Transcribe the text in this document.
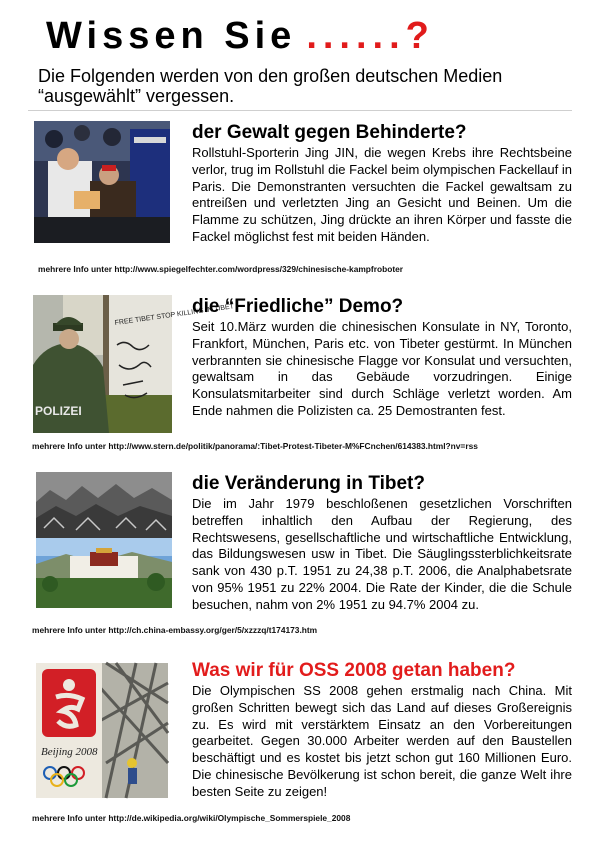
Wissen Sie ......?
Die Folgenden werden von den großen deutschen Medien
“ausgewählt” vergessen.
der Gewalt gegen Behinderte?
Rollstuhl-Sporterin Jing JIN, die wegen Krebs ihre Rechtsbeine verlor, trug im Rollstuhl die Fackel beim olympischen Fackellauf in Paris. Die Demonstranten versuchten die Fackel gewaltsam zu entreißen und verletzten Jing an Gesicht und Beinen. Um die Flamme zu schützen, Jing drückte an ihren Körper und fasste die Fackel möglichst fest mit beiden Händen.
mehrere Info unter http://www.spiegelfechter.com/wordpress/329/chinesische-kampfroboter
POLIZEI
FREE TIBET STOP KILLING IN TIBET
die “Friedliche” Demo?
Seit 10.März wurden die chinesischen Konsulate in NY, Toronto, Frankfort, München, Paris etc. von Tibeter gestürmt. In München verbrannten sie chinesische Flagge vor Konsulat und versuchten, gewaltsam in das Gebäude vorzudringen. Einige Konsulatsmitarbeiter sind durch Schläge verletzt worden. Am Ende nahmen die Polizisten ca. 25 Demostranten fest.
mehrere Info unter http://www.stern.de/politik/panorama/:Tibet-Protest-Tibeter-M%FCnchen/614383.html?nv=rss
die Veränderung in Tibet?
Die im Jahr 1979 beschloßenen gesetzlichen Vorschriften betreffen inhaltlich den Aufbau der Regierung, des Rechtswesens, gesellschaftliche und wirtschaftliche Entwicklung, das Bildungswesen usw in Tibet. Die Säuglingssterblichkeitsrate sank von 430 p.T. 1951 zu 24,38 p.T. 2006, die Analphabetsrate von 95% 1951 zu 22% 2004. Die Rate der Kinder, die die Schule besuchen, nahm von 2% 1951 zu 94.7% 2004 zu.
mehrere Info unter http://ch.china-embassy.org/ger/5/xzzzq/t174173.htm
Beijing 2008
Was wir für OSS 2008 getan haben?
Die Olympischen SS 2008 gehen erstmalig nach China. Mit großen Schritten bewegt sich das Land auf dieses Großereignis zu. Es wird mit verstärktem Einsatz an den Vorbereitungen gearbeitet. Gegen 30.000 Arbeiter werden auf den Baustellen beschäftigt und es kostet bis jetzt schon gut 160 Millionen Euro. Die chinesische Bevölkerung ist schon bereit, die ganze Welt ihre besten Seite zu zeigen!
mehrere Info unter http://de.wikipedia.org/wiki/Olympische_Sommerspiele_2008
